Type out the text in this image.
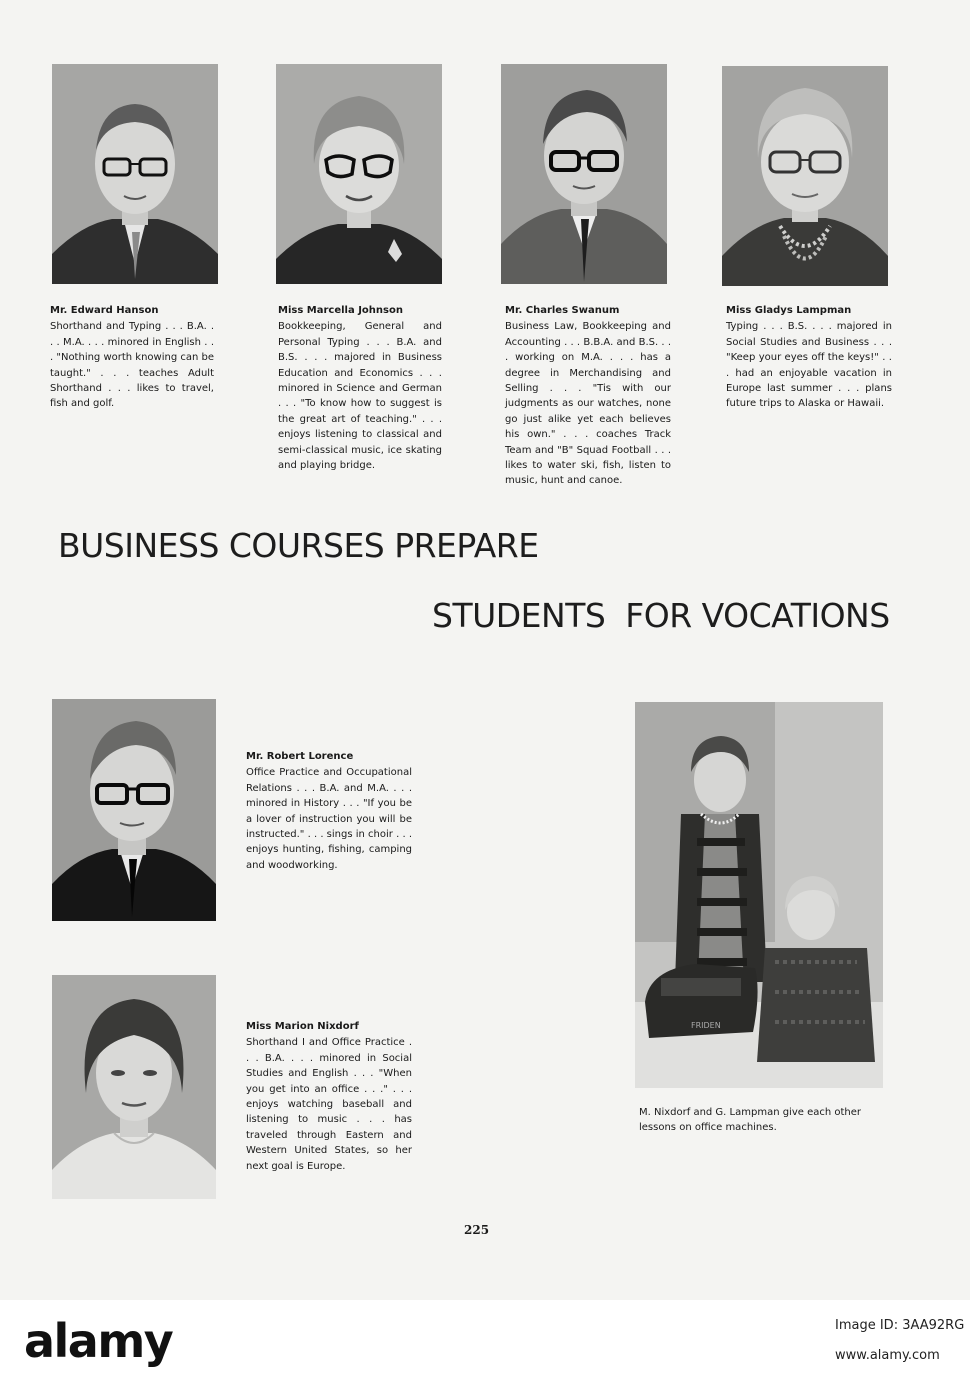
Mr. Edward Hanson
Shorthand and Typing . . . B.A. . . . M.A. . . . minored in English . . . "Nothing worth knowing can be taught." . . . teaches Adult Shorthand . . . likes to travel, fish and golf.
Miss Marcella Johnson
Bookkeeping, General and Personal Typing . . . B.A. and B.S. . . . majored in Business Education and Economics . . . minored in Science and German . . . "To know how to suggest is the great art of teaching." . . . enjoys listening to classical and semi-classical music, ice skating and playing bridge.
Mr. Charles Swanum
Business Law, Bookkeeping and Accounting . . . B.B.A. and B.S. . . . working on M.A. . . . has a degree in Merchandising and Selling . . . "Tis with our judgments as our watches, none go just alike yet each believes his own." . . . coaches Track Team and "B" Squad Football . . . likes to water ski, fish, listen to music, hunt and canoe.
Miss Gladys Lampman
Typing . . . B.S. . . . majored in Social Studies and Business . . . "Keep your eyes off the keys!" . . . had an enjoyable vacation in Europe last summer . . . plans future trips to Alaska or Hawaii.
BUSINESS COURSES PREPARE
STUDENTS  FOR VOCATIONS
Mr. Robert Lorence
Office Practice and Occupational Relations . . . B.A. and M.A. . . . minored in History . . . "If you be a lover of instruction you will be instructed." . . . sings in choir . . . enjoys hunting, fishing, camping and woodworking.
Miss Marion Nixdorf
Shorthand I and Office Practice . . . B.A. . . . minored in Social Studies and English . . . "When you get into an office . . ." . . . enjoys watching baseball and listening to music . . . has traveled through Eastern and Western United States, so her next goal is Europe.
FRIDEN
M. Nixdorf and G. Lampman give each other lessons on office machines.
225
alamy	Image ID: 3AA92RG
www.alamy.com
